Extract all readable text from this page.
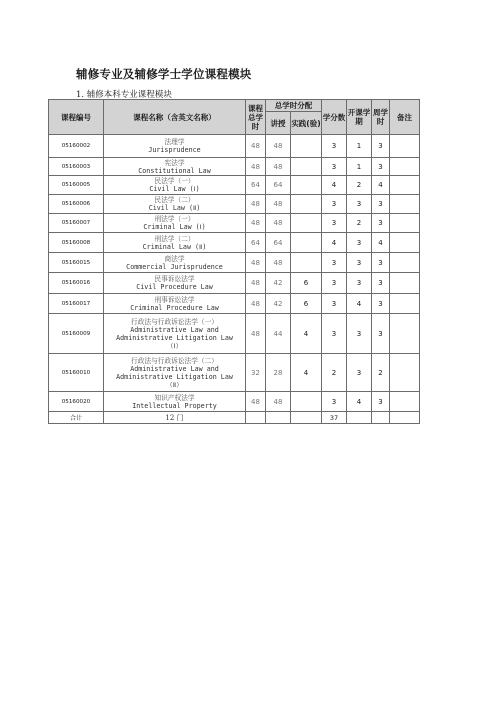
辅修专业及辅修学士学位课程模块
1. 辅修本科专业课程模块
课程编号	课程名称（含英文名称）	课程总学时	总学时分配		学分数	开课学期	周学时	备注
			讲授	实践(验)				
05160002	法理学
Jurisprudence	48	48		3	1	3	
05160003	宪法学
Constitutional Law	48	48		3	1	3	
05160005	民法学（一）
Civil Law (Ⅰ)	64	64		4	2	4	
05160006	民法学（二）
Civil Law (Ⅱ)	48	48		3	3	3	
05160007	刑法学（一）
Criminal Law (Ⅰ)	48	48		3	2	3	
05160008	刑法学（二）
Criminal Law (Ⅱ)	64	64		4	3	4	
05160015	商法学
Commercial Jurisprudence	48	48		3	3	3	
05160016	民事诉讼法学
Civil Procedure Law	48	42	6	3	3	3	
05160017	刑事诉讼法学
Criminal Procedure Law	48	42	6	3	4	3	
05160009	行政法与行政诉讼法学（一）
Administrative Law and
Administrative Litigation Law
（Ⅰ）	48	44	4	3	3	3	
05160010	行政法与行政诉讼法学（二）
Administrative Law and
Administrative Litigation Law
（Ⅱ）	32	28	4	2	3	2	
05160020	知识产权法学
Intellectual Property	48	48		3	4	3	
合计	12 门				37			
